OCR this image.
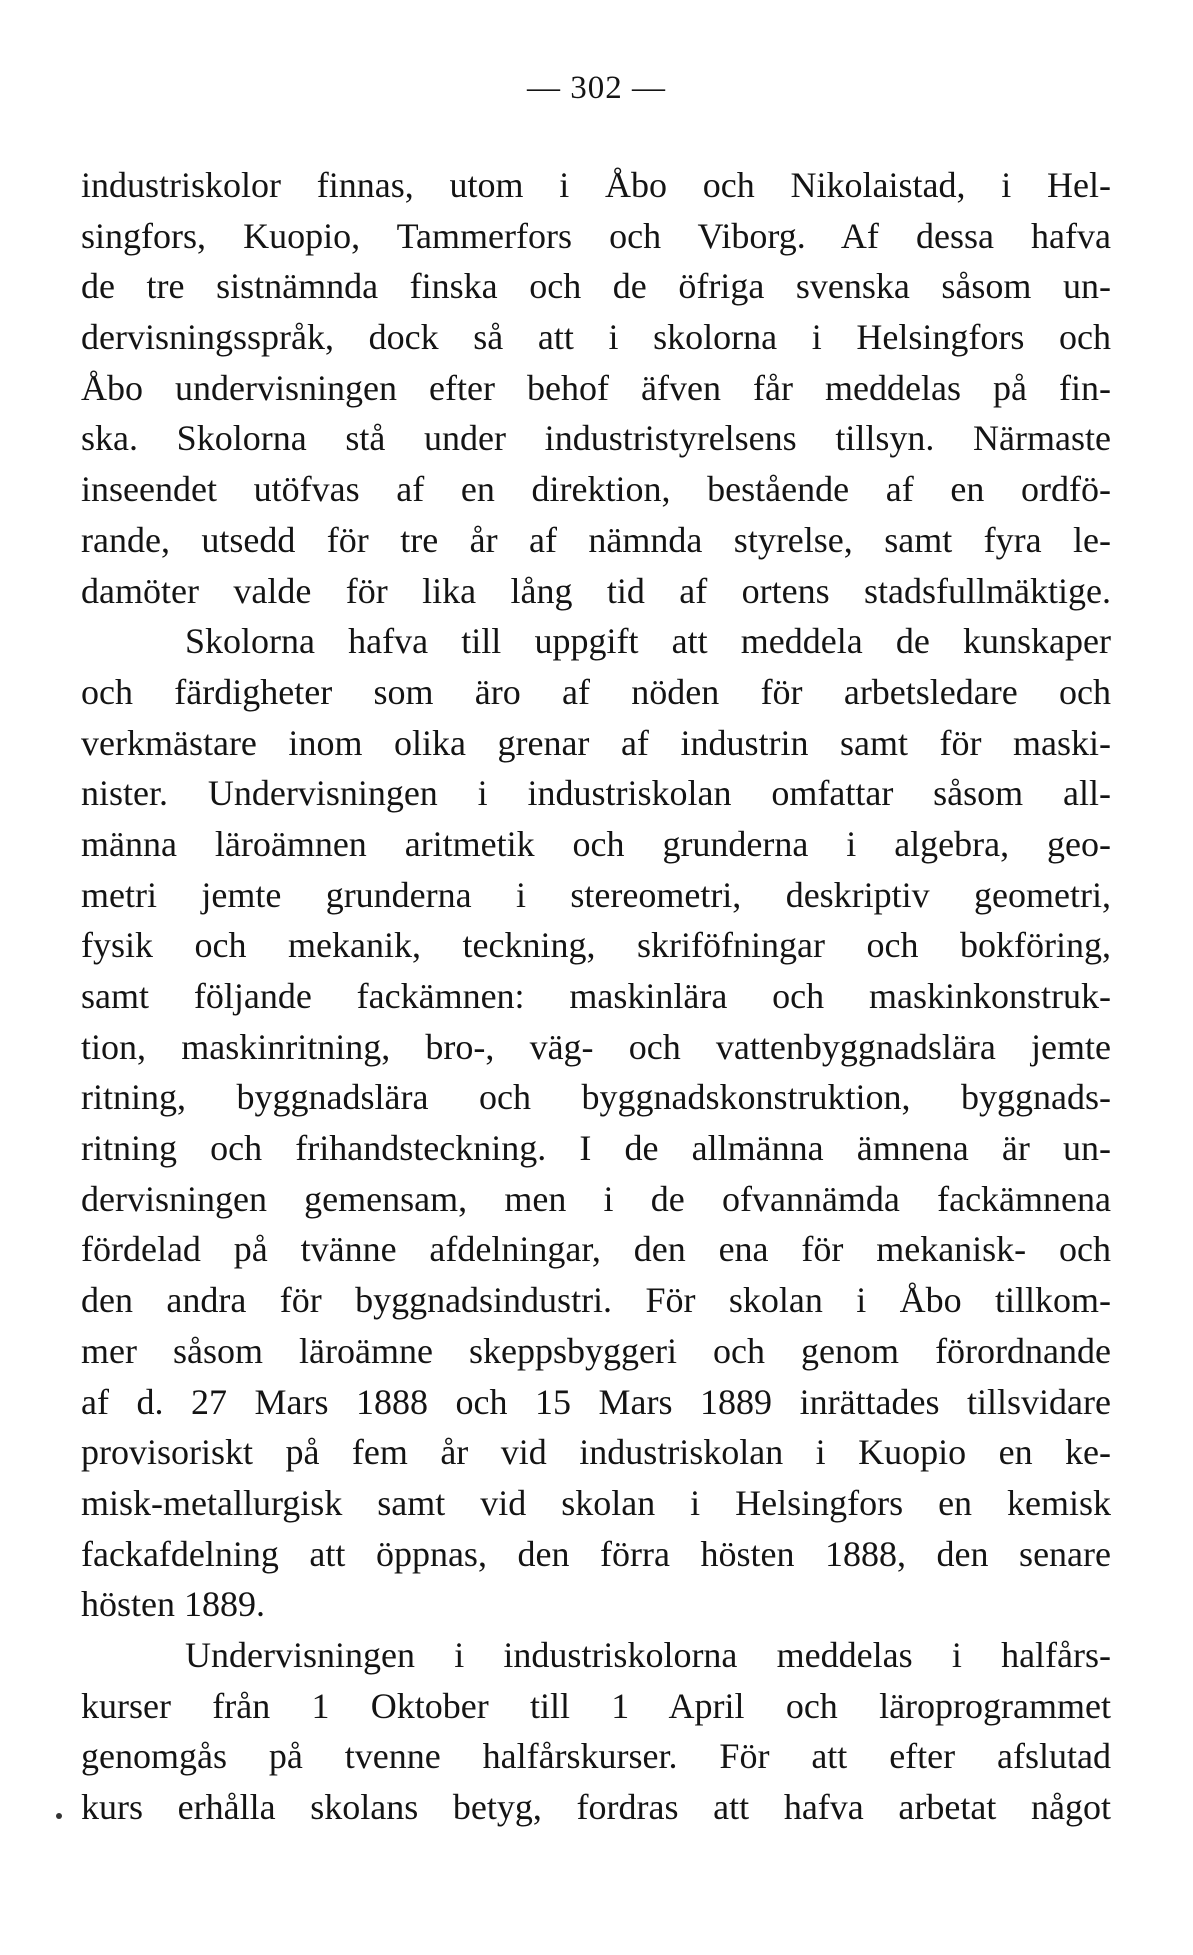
— 302 —
industriskolor finnas, utom i Åbo och Nikolaistad, i Hel-
singfors, Kuopio, Tammerfors och Viborg. Af dessa hafva
de tre sistnämnda finska och de öfriga svenska såsom un-
dervisningsspråk, dock så att i skolorna i Helsingfors och
Åbo undervisningen efter behof äfven får meddelas på fin-
ska. Skolorna stå under industristyrelsens tillsyn. Närmaste
inseendet utöfvas af en direktion, bestående af en ordfö-
rande, utsedd för tre år af nämnda styrelse, samt fyra le-
damöter valde för lika lång tid af ortens stadsfullmäktige.
Skolorna hafva till uppgift att meddela de kunskaper
och färdigheter som äro af nöden för arbetsledare och
verkmästare inom olika grenar af industrin samt för maski-
nister. Undervisningen i industriskolan omfattar såsom all-
männa läroämnen aritmetik och grunderna i algebra, geo-
metri jemte grunderna i stereometri, deskriptiv geometri,
fysik och mekanik, teckning, skriföfningar och bokföring,
samt följande fackämnen: maskinlära och maskinkonstruk-
tion, maskinritning, bro-, väg- och vattenbyggnadslära jemte
ritning, byggnadslära och byggnadskonstruktion, byggnads-
ritning och frihandsteckning. I de allmänna ämnena är un-
dervisningen gemensam, men i de ofvannämda fackämnena
fördelad på tvänne afdelningar, den ena för mekanisk- och
den andra för byggnadsindustri. För skolan i Åbo tillkom-
mer såsom läroämne skeppsbyggeri och genom förordnande
af d. 27 Mars 1888 och 15 Mars 1889 inrättades tillsvidare
provisoriskt på fem år vid industriskolan i Kuopio en ke-
misk-metallurgisk samt vid skolan i Helsingfors en kemisk
fackafdelning att öppnas, den förra hösten 1888, den senare
hösten 1889.
Undervisningen i industriskolorna meddelas i halfårs-
kurser från 1 Oktober till 1 April och läroprogrammet
genomgås på tvenne halfårskurser. För att efter afslutad
kurs erhålla skolans betyg, fordras att hafva arbetat något
